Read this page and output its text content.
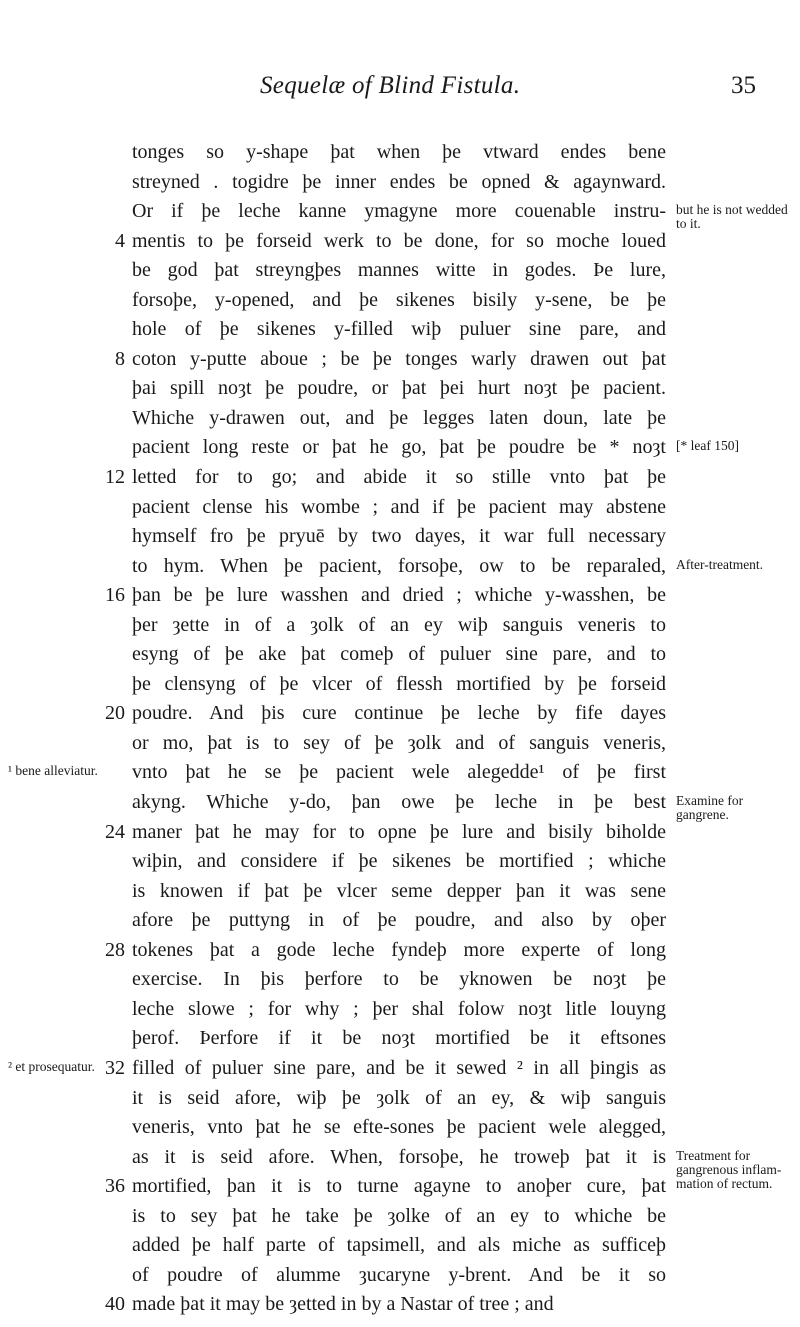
Sequelæ of Blind Fistula.	35
tonges so y-shape þat when þe vtward endes bene
streyned . togidre þe inner endes be opned & agaynward.
Or if þe leche kanne ymagyne more couenable instru- but he is not wedded to it.
4 mentis to þe forseid werk to be done, for so moche loued
be god þat streyngþes mannes witte in godes. Þe lure,
forsoþe, y-opened, and þe sikenes bisily y-sene, be þe
hole of þe sikenes y-filled wiþ puluer sine pare, and
8 coton y-putte aboue ; be þe tonges warly drawen out þat
þai spill noȝt þe poudre, or þat þei hurt noȝt þe pacient.
Whiche y-drawen out, and þe legges laten doun, late þe
pacient long reste or þat he go, þat þe poudre be * noȝt [* leaf 150]
12 letted for to go; and abide it so stille vnto þat þe
pacient clense his wombe ; and if þe pacient may abstene
hymself fro þe pryuē by two dayes, it war full necessary
to hym. When þe pacient, forsoþe, ow to be reparaled, After-treatment.
16 þan be þe lure wasshen and dried ; whiche y-wasshen, be
þer ȝette in of a ȝolk of an ey wiþ sanguis veneris to
esyng of þe ake þat comeþ of puluer sine pare, and to
þe clensyng of þe vlcer of flessh mortified by þe forseid
20 poudre. And þis cure continue þe leche by fife dayes
or mo, þat is to sey of þe ȝolk and of sanguis veneris,
vnto þat he se þe pacient wele alegedde¹ of þe first
¹ bene alleviatur.
akyng. Whiche y-do, þan owe þe leche in þe best Examine for gangrene.
24 maner þat he may for to opne þe lure and bisily biholde
wiþin, and considere if þe sikenes be mortified ; whiche
is knowen if þat þe vlcer seme depper þan it was sene
afore þe puttyng in of þe poudre, and also by oþer
28 tokenes þat a gode leche fyndeþ more experte of long
exercise. In þis þerfore to be yknowen be noȝt þe
leche slowe ; for why ; þer shal folow noȝt litle louyng
þerof. Þerfore if it be noȝt mortified be it eftsones
32 filled of puluer sine pare, and be it sewed ² in all þingis as
² et prosequatur.
it is seid afore, wiþ þe ȝolk of an ey, & wiþ sanguis
veneris, vnto þat he se efte-sones þe pacient wele alegged,
as it is seid afore. When, forsoþe, he troweþ þat it is Treatment for gangrenous inflammation of rectum.
36 mortified, þan it is to turne agayne to anoþer cure, þat
is to sey þat he take þe ȝolke of an ey to whiche be
added þe half parte of tapsimell, and als miche as sufficeþ
of poudre of alumme ȝucaryne y-brent. And be it so
40 made þat it may be ȝetted in by a Nastar of tree ; and
